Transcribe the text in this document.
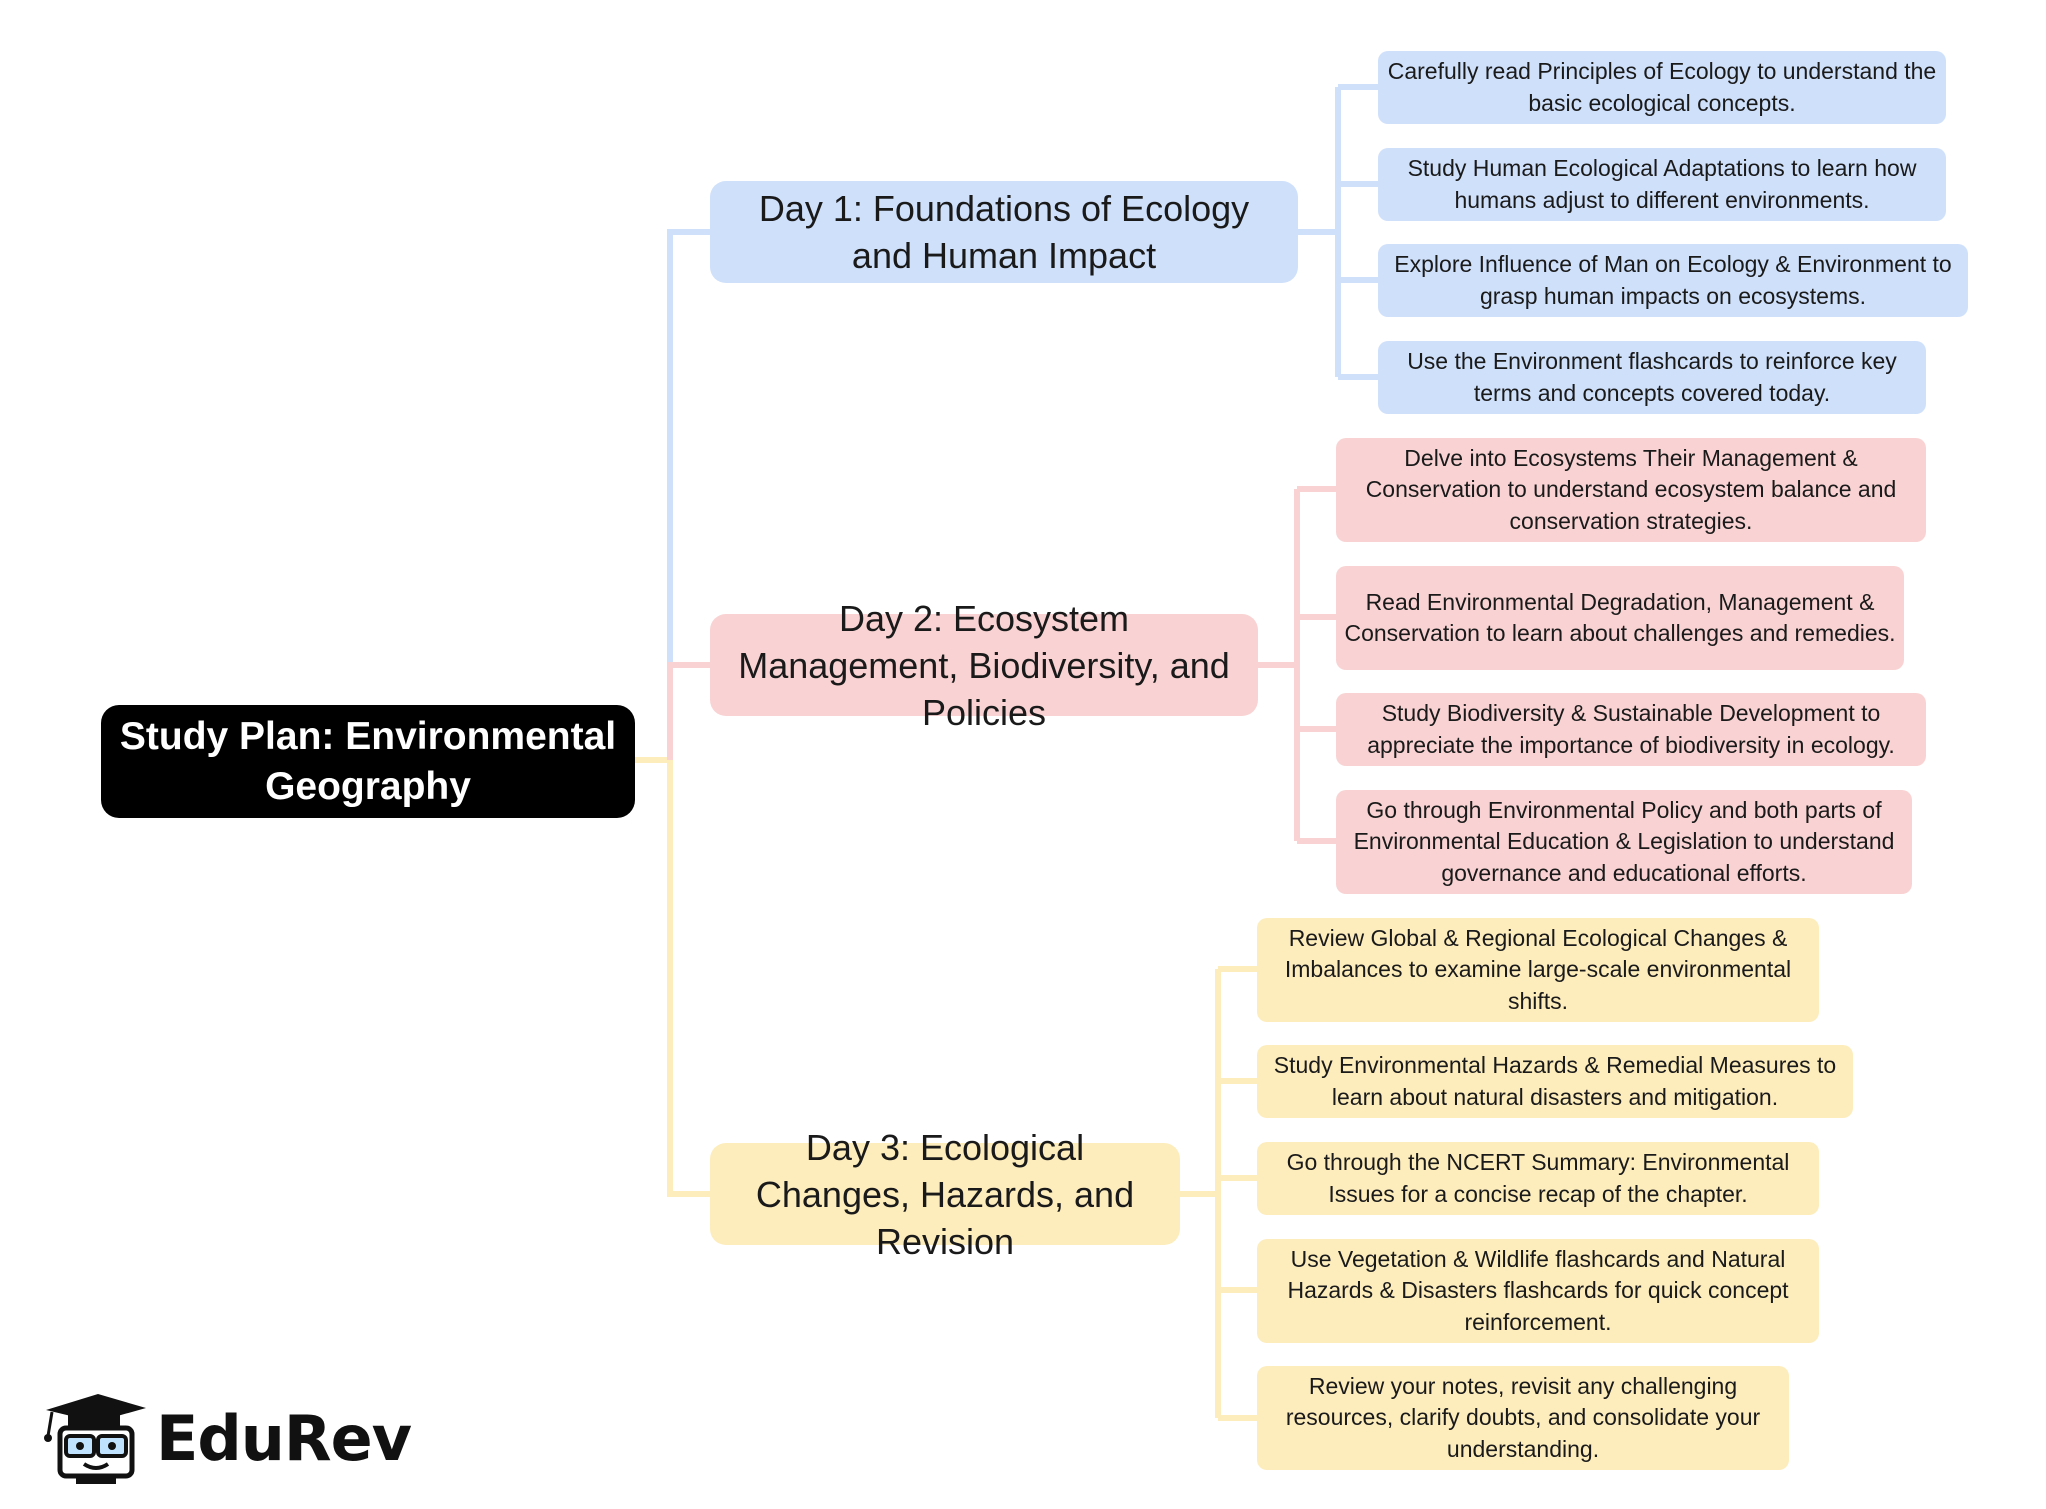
Study Plan: Environmental Geography
Day 1: Foundations of Ecology and Human Impact
Carefully read Principles of Ecology to understand the basic ecological concepts.
Study Human Ecological Adaptations to learn how humans adjust to different environments.
Explore Influence of Man on Ecology & Environment to grasp human impacts on ecosystems.
Use the Environment flashcards to reinforce key terms and concepts covered today.
Day 2: Ecosystem Management, Biodiversity, and Policies
Delve into Ecosystems Their Management & Conservation to understand ecosystem balance and conservation strategies.
Read Environmental Degradation, Management & Conservation to learn about challenges and remedies.
Study Biodiversity & Sustainable Development to appreciate the importance of biodiversity in ecology.
Go through Environmental Policy and both parts of Environmental Education & Legislation to understand governance and educational efforts.
Day 3: Ecological Changes, Hazards, and Revision
Review Global & Regional Ecological Changes & Imbalances to examine large-scale environmental shifts.
Study Environmental Hazards & Remedial Measures to learn about natural disasters and mitigation.
Go through the NCERT Summary: Environmental Issues for a concise recap of the chapter.
Use Vegetation & Wildlife flashcards and Natural Hazards & Disasters flashcards for quick concept reinforcement.
Review your notes, revisit any challenging resources, clarify doubts, and consolidate your understanding.
EduRev
